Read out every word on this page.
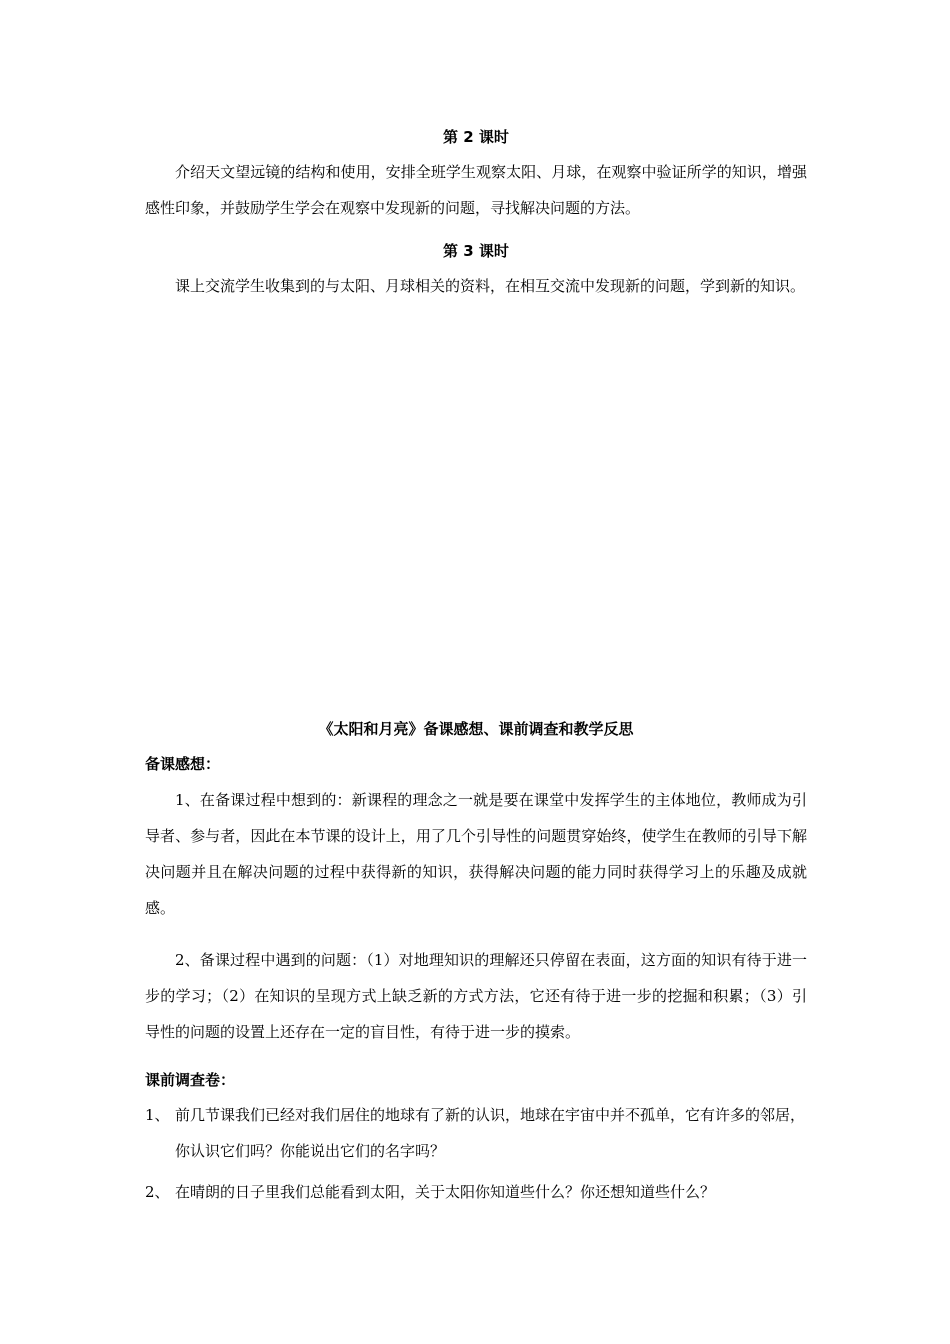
第 2 课时

介绍天文望远镜的结构和使用，安排全班学生观察太阳、月球，在观察中验证所学的知识，增强感性印象，并鼓励学生学会在观察中发现新的问题，寻找解决问题的方法。

第 3 课时

课上交流学生收集到的与太阳、月球相关的资料，在相互交流中发现新的问题，学到新的知识。

《太阳和月亮》备课感想、课前调查和教学反思
备课感想：

1、在备课过程中想到的：新课程的理念之一就是要在课堂中发挥学生的主体地位，教师成为引导者、参与者，因此在本节课的设计上，用了几个引导性的问题贯穿始终，使学生在教师的引导下解决问题并且在解决问题的过程中获得新的知识，获得解决问题的能力同时获得学习上的乐趣及成就感。

2、备课过程中遇到的问题：（1）对地理知识的理解还只停留在表面，这方面的知识有待于进一步的学习；（2）在知识的呈现方式上缺乏新的方式方法，它还有待于进一步的挖掘和积累；（3）引导性的问题的设置上还存在一定的盲目性，有待于进一步的摸索。

课前调查卷：
1、 前几节课我们已经对我们居住的地球有了新的认识，地球在宇宙中并不孤单，它有许多的邻居，你认识它们吗？你能说出它们的名字吗？
2、 在晴朗的日子里我们总能看到太阳，关于太阳你知道些什么？你还想知道些什么？
